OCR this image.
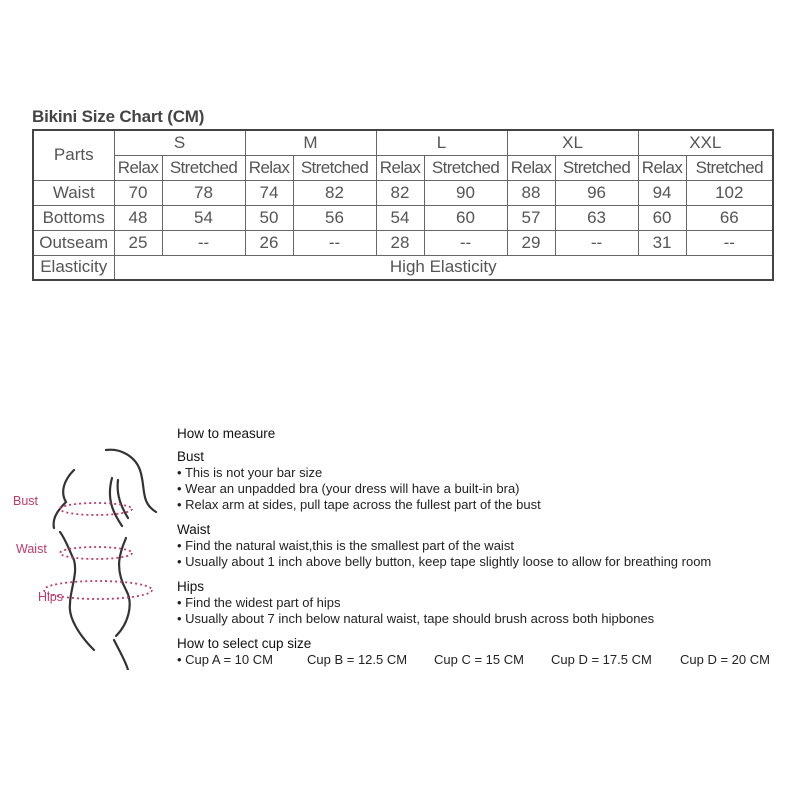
Bikini Size Chart (CM)
Parts	S		M		L		XL		XXL	
	Relax	Stretched	Relax	Stretched	Relax	Stretched	Relax	Stretched	Relax	Stretched
Waist	70	78	74	82	82	90	88	96	94	102
Bottoms	48	54	50	56	54	60	57	63	60	66
Outseam	25	--	26	--	28	--	29	--	31	--
Elasticity	High Elasticity									
Bust
Waist
Hips

How to measure

Bust

• This is not your bar size

• Wear an unpadded bra (your dress will have a built-in bra)

• Relax arm at sides, pull tape across the fullest part of the bust

Waist

• Find the natural waist,this is the smallest part of the waist

• Usually about 1 inch above belly button, keep tape slightly loose to allow for breathing room

Hips

• Find the widest part of hips

• Usually about 7 inch below natural waist, tape should brush across both hipbones

How to select cup size

• Cup A = 10 CM	Cup B = 12.5 CM	Cup C = 15 CM	Cup D = 17.5 CM	Cup D = 20 CM
